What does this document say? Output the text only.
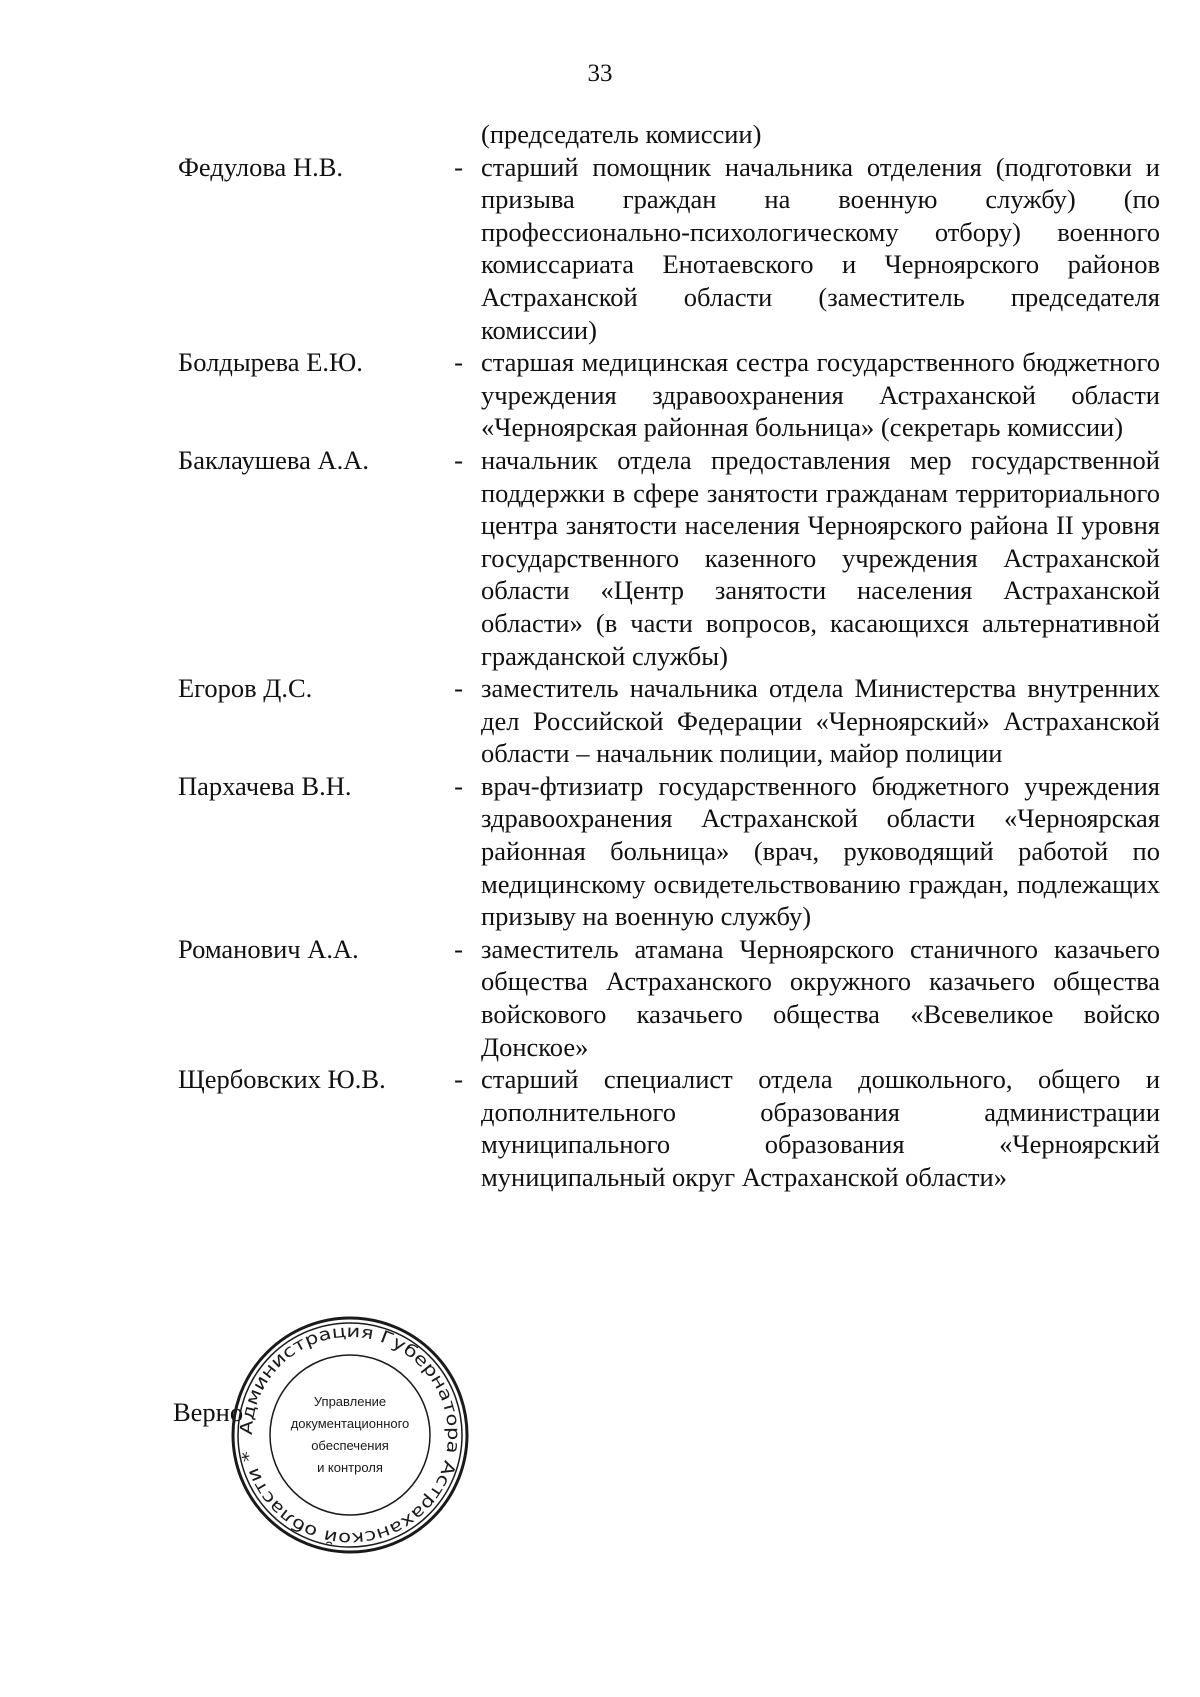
33
(председатель комиссии)
Федулова Н.В.	- старший помощник начальника отделения (подготовки и призыва граждан на военную службу) (по профессионально-психологическому отбору) военного комиссариата Енотаевского и Черноярского районов Астраханской области (заместитель председателя комиссии)
Болдырева Е.Ю.	- старшая медицинская сестра государственного бюджетного учреждения здравоохранения Астраханской области «Черноярская районная больница» (секретарь комиссии)
Баклаушева А.А.	- начальник отдела предоставления мер государственной поддержки в сфере занятости гражданам территориального центра занятости населения Черноярского района II уровня государственного казенного учреждения Астраханской области «Центр занятости населения Астраханской области» (в части вопросов, касающихся альтернативной гражданской службы)
Егоров Д.С.	- заместитель начальника отдела Министерства внутренних дел Российской Федерации «Черноярский» Астраханской области – начальник полиции, майор полиции
Пархачева В.Н.	- врач-фтизиатр государственного бюджетного учреждения здравоохранения Астраханской области «Черноярская районная больница» (врач, руководящий работой по медицинскому освидетельствованию граждан, подлежащих призыву на военную службу)
Романович А.А.	- заместитель атамана Черноярского станичного казачьего общества Астраханского окружного казачьего общества войскового казачьего общества «Всевеликое войско Донское»
Щербовских Ю.В.	- старший специалист отдела дошкольного, общего и дополнительного образования администрации муниципального образования «Черноярский муниципальный округ Астраханской области»
Верно
Администрация Губернатора Астраханской области *
Управление
документационного
обеспечения
и контроля
